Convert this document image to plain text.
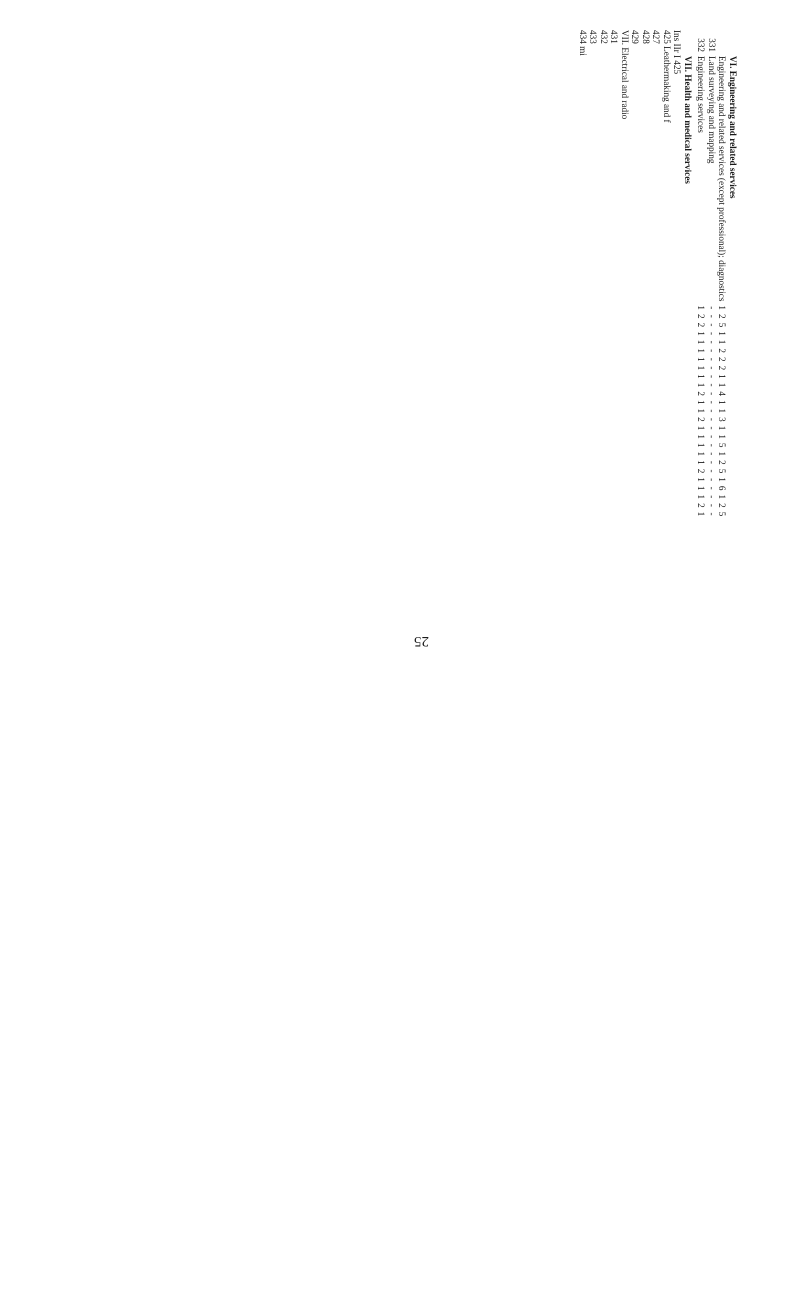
	VI. Engineering and related services																									
	Engineering and related services (except professional); diagnostics	1	2	5	1	1	2	2	2	1	1	4	1	1	3	1	1	5	1	2	5	1	6	1	2	5
331	Land surveying and mapping	-	-	-	-	-	-	-	-	-	-	-	-	-	-	-	-	-	-	-	-	-	-	-	-	-
332	Engineering services	1	2	2	1	1	1	1	1	1	1	2	1	1	2	1	1	1	1	1	2	1	1	1	2	1
	VII. Health and medical services																									
Ins IIr I 425																										
425 Leathermaking and f																										
427																										
428																										
429																										
VII. Electrical and radio																										
431																										
432																										
433																										
434 mi																										
25
